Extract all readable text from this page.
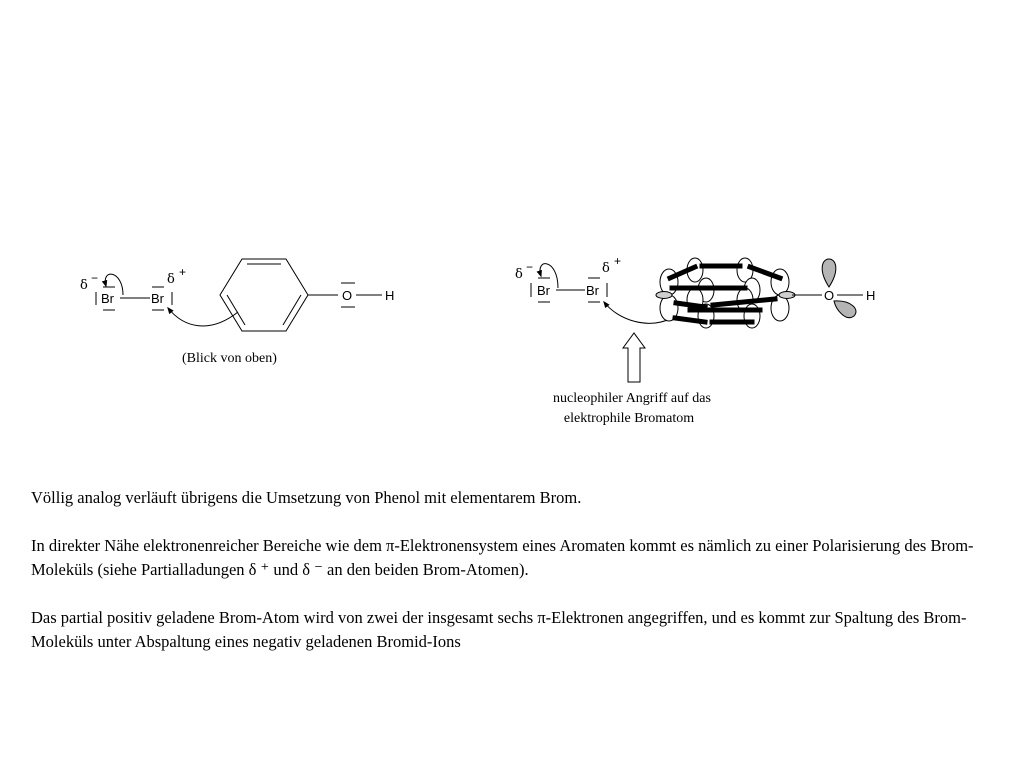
δ −
Br	Br
δ +
O	H
(Blick von oben)
δ −
Br	Br
δ +
O H
nucleophiler Angriff auf das
elektrophile Bromatom

Völlig analog verläuft übrigens die Umsetzung von Phenol mit elementarem Brom.

In direkter Nähe elektronenreicher Bereiche wie dem π-Elektronensystem eines Aromaten kommt es nämlich zu einer Polarisierung des Brom-Moleküls (siehe Partialladungen δ ⁺ und δ ⁻ an den beiden Brom-Atomen).

Das partial positiv geladene Brom-Atom wird von zwei der insgesamt sechs π-Elektronen angegriffen, und es kommt zur Spaltung des Brom-Moleküls unter Abspaltung eines negativ geladenen Bromid-Ions
